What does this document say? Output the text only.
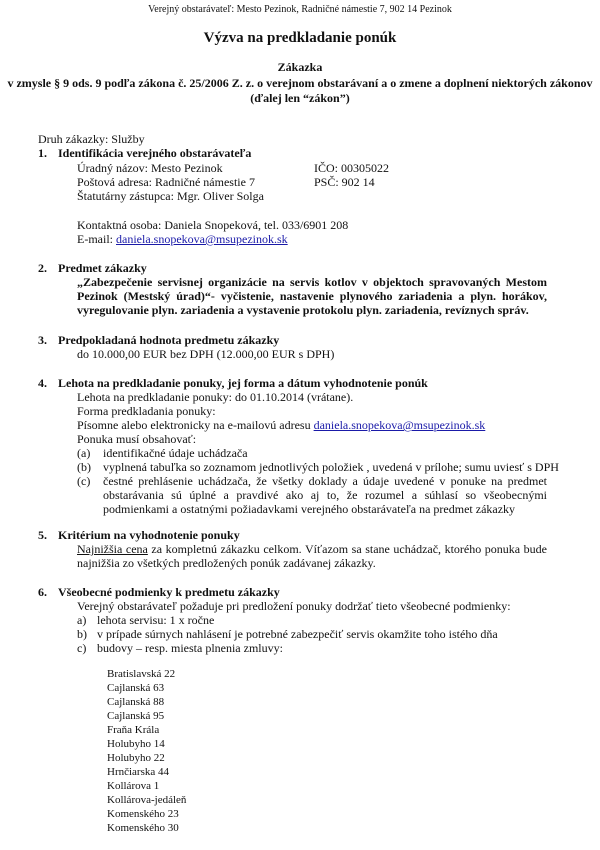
Verejný obstarávateľ: Mesto Pezinok, Radničné námestie 7, 902 14 Pezinok
Výzva na predkladanie ponúk
Zákazka
v zmysle § 9 ods. 9 podľa zákona č. 25/2006 Z. z. o verejnom obstarávaní a o zmene a doplnení niektorých zákonov (ďalej len “zákon”)
Druh zákazky: Služby
1. Identifikácia verejného obstarávateľa
Úradný názov: Mesto Pezinok	IČO: 00305022
Poštová adresa: Radničné námestie 7	PSČ: 902 14
Štatutárny zástupca: Mgr. Oliver Solga
Kontaktná osoba: Daniela Snopeková, tel. 033/6901 208
E-mail: daniela.snopekova@msupezinok.sk
2. Predmet zákazky
„Zabezpečenie servisnej organizácie na servis kotlov v objektoch spravovaných Mestom Pezinok (Mestský úrad)“- vyčistenie, nastavenie plynového zariadenia a plyn. horákov, vyregulovanie plyn. zariadenia a vystavenie protokolu plyn. zariadenia, revíznych správ.
3. Predpokladaná hodnota predmetu zákazky
do 10.000,00 EUR bez DPH (12.000,00 EUR s DPH)
4. Lehota na predkladanie ponuky, jej forma a dátum vyhodnotenie ponúk
Lehota na predkladanie ponuky: do 01.10.2014 (vrátane).
Forma predkladania ponuky:
Písomne alebo elektronicky na e-mailovú adresu daniela.snopekova@msupezinok.sk
Ponuka musí obsahovať:
(a) identifikačné údaje uchádzača
(b) vyplnená tabuľka so zoznamom jednotlivých položiek , uvedená v prílohe; sumu uviesť s DPH
(c) čestné prehlásenie uchádzača, že všetky doklady a údaje uvedené v ponuke na predmet obstarávania sú úplné a pravdivé ako aj to, že rozumel a súhlasí so všeobecnými podmienkami a ostatnými požiadavkami verejného obstarávateľa na predmet zákazky
5. Kritérium na vyhodnotenie ponuky
Najnižšia cena za kompletnú zákazku celkom. Víťazom sa stane uchádzač, ktorého ponuka bude najnižšia zo všetkých predložených ponúk zadávanej zákazky.
6. Všeobecné podmienky k predmetu zákazky
Verejný obstarávateľ požaduje pri predložení ponuky dodržať tieto všeobecné podmienky:
a) lehota servisu: 1 x ročne
b) v prípade súrnych nahlásení je potrebné zabezpečiť servis okamžite toho istého dňa
c) budovy – resp. miesta plnenia zmluvy:
Bratislavská 22
Cajlanská 63
Cajlanská 88
Cajlanská 95
Fraňa Krála
Holubyho 14
Holubyho 22
Hrnčiarska 44
Kollárova 1
Kollárova-jedáleň
Komenského 23
Komenského 30
